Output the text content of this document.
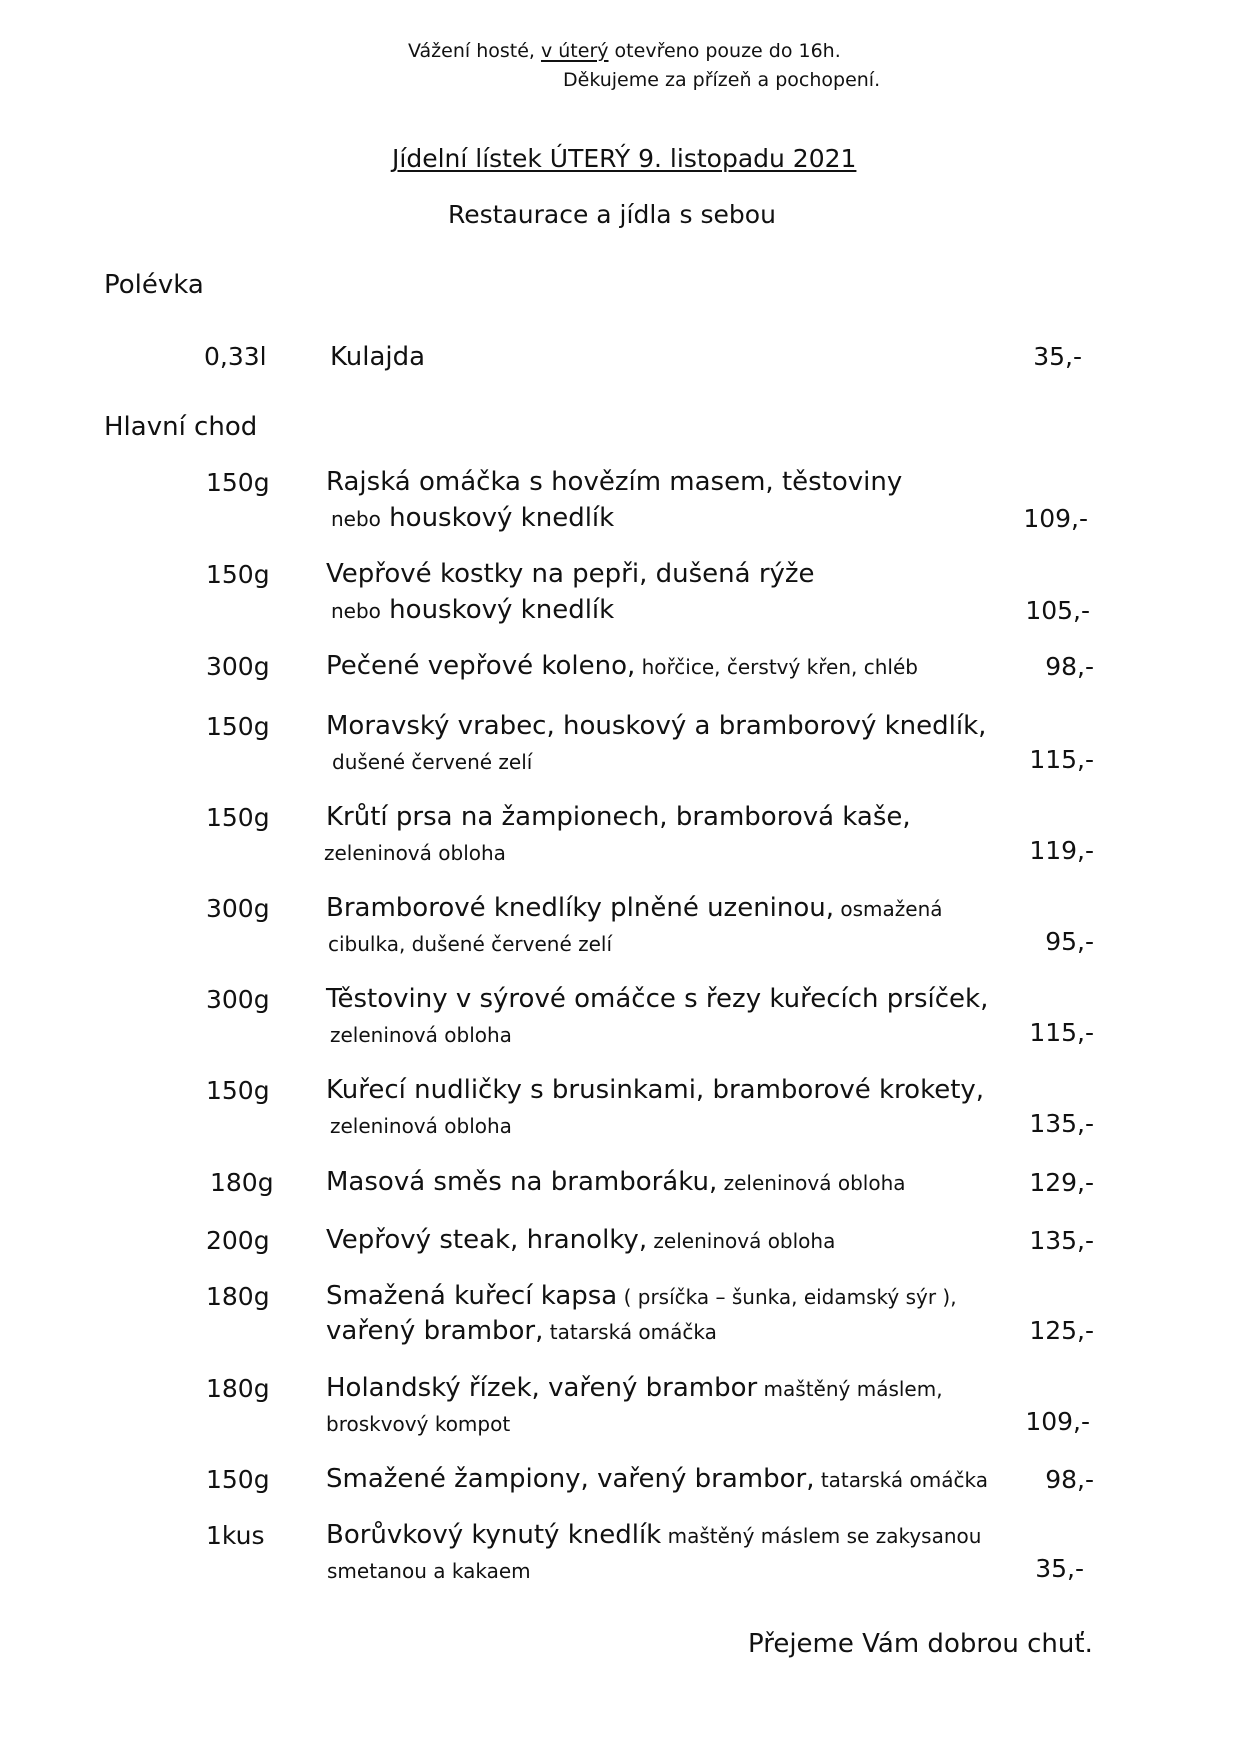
Vážení hosté, v úterý otevřeno pouze do 16h.
Děkujeme za přízeň a pochopení.
Jídelní lístek ÚTERÝ 9. listopadu 2021
Restaurace a jídla s sebou
Polévka
0,33l Kulajda	35,-
Hlavní chod
150g Rajská omáčka s hovězím masem, těstoviny
nebo houskový knedlík	109,-
150g Vepřové kostky na pepři, dušená rýže
nebo houskový knedlík	105,-
300g Pečené vepřové koleno, hořčice, čerstvý křen, chléb	98,-
150g Moravský vrabec, houskový a bramborový knedlík,
dušené červené zelí	115,-
150g Krůtí prsa na žampionech, bramborová kaše,
zeleninová obloha	119,-
300g Bramborové knedlíky plněné uzeninou, osmažená
cibulka, dušené červené zelí	95,-
300g Těstoviny v sýrové omáčce s řezy kuřecích prsíček,
zeleninová obloha	115,-
150g Kuřecí nudličky s brusinkami, bramborové krokety,
zeleninová obloha	135,-
180g Masová směs na bramboráku, zeleninová obloha	129,-
200g Vepřový steak, hranolky, zeleninová obloha	135,-
180g Smažená kuřecí kapsa ( prsíčka – šunka, eidamský sýr ),
vařený brambor, tatarská omáčka	125,-
180g Holandský řízek, vařený brambor maštěný máslem,
broskvový kompot	109,-
150g Smažené žampiony, vařený brambor, tatarská omáčka	98,-
1kus Borůvkový kynutý knedlík maštěný máslem se zakysanou
smetanou a kakaem	35,-
Přejeme Vám dobrou chuť.
